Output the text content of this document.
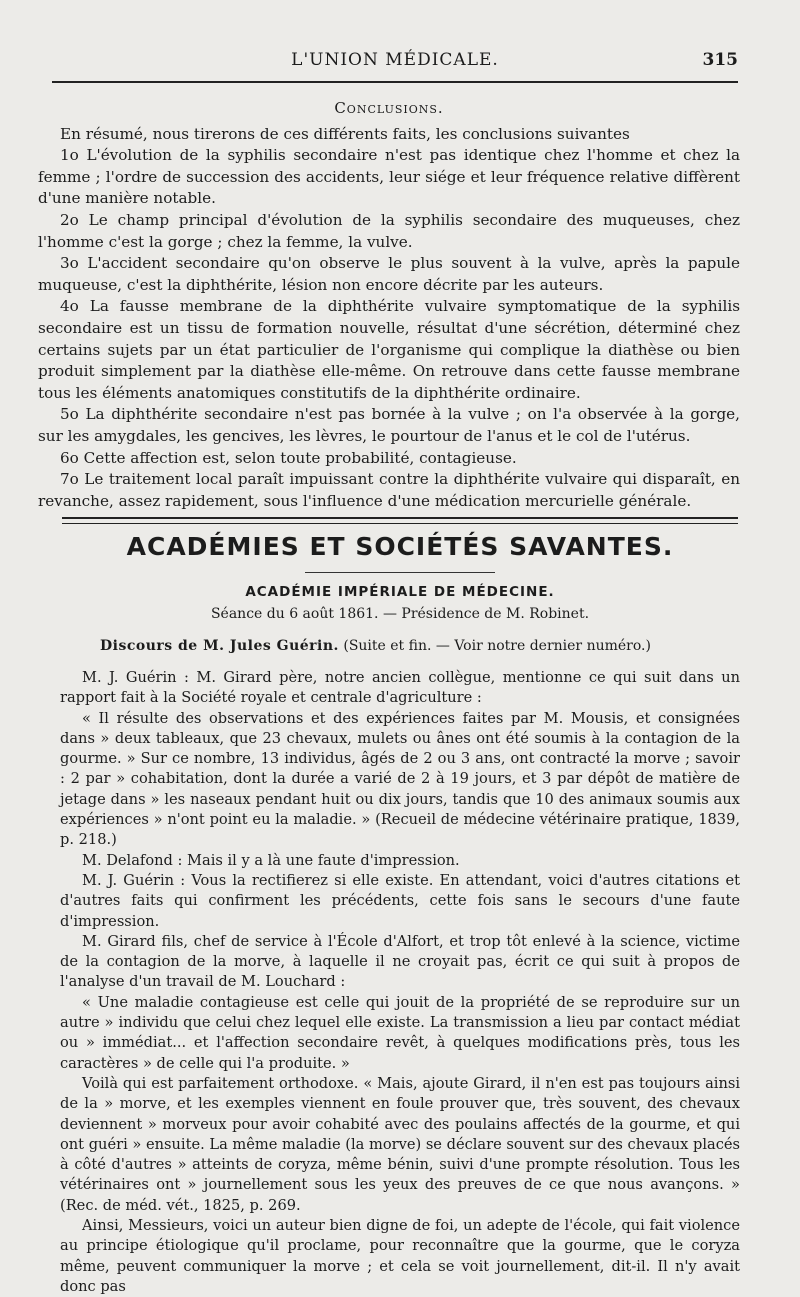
L'UNION MÉDICALE.	315
Conclusions.

En résumé, nous tirerons de ces différents faits, les conclusions suivantes

1o L'évolution de la syphilis secondaire n'est pas identique chez l'homme et chez la femme ; l'ordre de succession des accidents, leur siége et leur fréquence relative diffèrent d'une manière notable.

2o Le champ principal d'évolution de la syphilis secondaire des muqueuses, chez l'homme c'est la gorge ; chez la femme, la vulve.

3o L'accident secondaire qu'on observe le plus souvent à la vulve, après la papule muqueuse, c'est la diphthérite, lésion non encore décrite par les auteurs.

4o La fausse membrane de la diphthérite vulvaire symptomatique de la syphilis secondaire est un tissu de formation nouvelle, résultat d'une sécrétion, déterminé chez certains sujets par un état particulier de l'organisme qui complique la diathèse ou bien produit simplement par la diathèse elle-même. On retrouve dans cette fausse membrane tous les éléments anatomiques constitutifs de la diphthérite ordinaire.

5o La diphthérite secondaire n'est pas bornée à la vulve ; on l'a observée à la gorge, sur les amygdales, les gencives, les lèvres, le pourtour de l'anus et le col de l'utérus.

6o Cette affection est, selon toute probabilité, contagieuse.

7o Le traitement local paraît impuissant contre la diphthérite vulvaire qui disparaît, en revanche, assez rapidement, sous l'influence d'une médication mercurielle générale.

ACADÉMIES ET SOCIÉTÉS SAVANTES.
ACADÉMIE IMPÉRIALE DE MÉDECINE.
Séance du 6 août 1861. — Présidence de M. Robinet.
Discours de M. Jules Guérin. (Suite et fin. — Voir notre dernier numéro.)

M. J. Guérin : M. Girard père, notre ancien collègue, mentionne ce qui suit dans un rapport fait à la Société royale et centrale d'agriculture :

« Il résulte des observations et des expériences faites par M. Mousis, et consignées dans » deux tableaux, que 23 chevaux, mulets ou ânes ont été soumis à la contagion de la gourme. » Sur ce nombre, 13 individus, âgés de 2 ou 3 ans, ont contracté la morve ; savoir : 2 par » cohabitation, dont la durée a varié de 2 à 19 jours, et 3 par dépôt de matière de jetage dans » les naseaux pendant huit ou dix jours, tandis que 10 des animaux soumis aux expériences » n'ont point eu la maladie. » (Recueil de médecine vétérinaire pratique, 1839, p. 218.)

M. Delafond : Mais il y a là une faute d'impression.

M. J. Guérin : Vous la rectifierez si elle existe. En attendant, voici d'autres citations et d'autres faits qui confirment les précédents, cette fois sans le secours d'une faute d'impression.

M. Girard fils, chef de service à l'École d'Alfort, et trop tôt enlevé à la science, victime de la contagion de la morve, à laquelle il ne croyait pas, écrit ce qui suit à propos de l'analyse d'un travail de M. Louchard :

« Une maladie contagieuse est celle qui jouit de la propriété de se reproduire sur un autre » individu que celui chez lequel elle existe. La transmission a lieu par contact médiat ou » immédiat... et l'affection secondaire revêt, à quelques modifications près, tous les caractères » de celle qui l'a produite. »

Voilà qui est parfaitement orthodoxe. « Mais, ajoute Girard, il n'en est pas toujours ainsi de la » morve, et les exemples viennent en foule prouver que, très souvent, des chevaux deviennent » morveux pour avoir cohabité avec des poulains affectés de la gourme, et qui ont guéri » ensuite. La même maladie (la morve) se déclare souvent sur des chevaux placés à côté d'autres » atteints de coryza, même bénin, suivi d'une prompte résolution. Tous les vétérinaires ont » journellement sous les yeux des preuves de ce que nous avançons. » (Rec. de méd. vét., 1825, p. 269.

Ainsi, Messieurs, voici un auteur bien digne de foi, un adepte de l'école, qui fait violence au principe étiologique qu'il proclame, pour reconnaître que la gourme, que le coryza même, peuvent communiquer la morve ; et cela se voit journellement, dit-il. Il n'y avait donc pas
